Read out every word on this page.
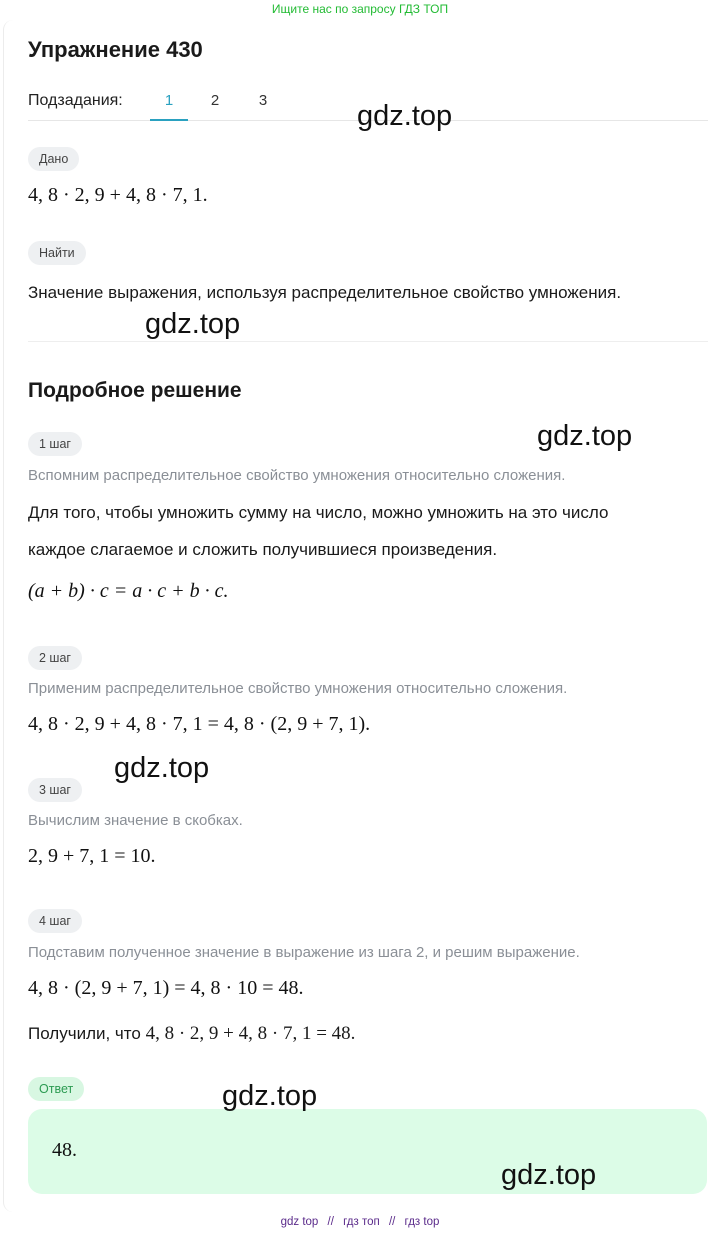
Ищите нас по запросу ГДЗ ТОП
Упражнение 430
Подзадания:	1	2	3
Дано
4, 8 · 2, 9 + 4, 8 · 7, 1.
Найти
Значение выражения, используя распределительное свойство умножения.
Подробное решение
1 шаг
Вспомним распределительное свойство умножения относительно сложения.
Для того, чтобы умножить сумму на число, можно умножить на это число
каждое слагаемое и сложить получившиеся произведения.
(a + b) · c = a · c + b · c.
2 шаг
Применим распределительное свойство умножения относительно сложения.
4, 8 · 2, 9 + 4, 8 · 7, 1 = 4, 8 · (2, 9 + 7, 1).
3 шаг
Вычислим значение в скобках.
2, 9 + 7, 1 = 10.
4 шаг
Подставим полученное значение в выражение из шага 2, и решим выражение.
4, 8 · (2, 9 + 7, 1) = 4, 8 · 10 = 48.
Получили, что 4, 8 · 2, 9 + 4, 8 · 7, 1 = 48.
Ответ
48.
gdz.top
gdz.top
gdz.top
gdz.top
gdz.top
gdz.top
gdz top // гдз топ // гдз top
